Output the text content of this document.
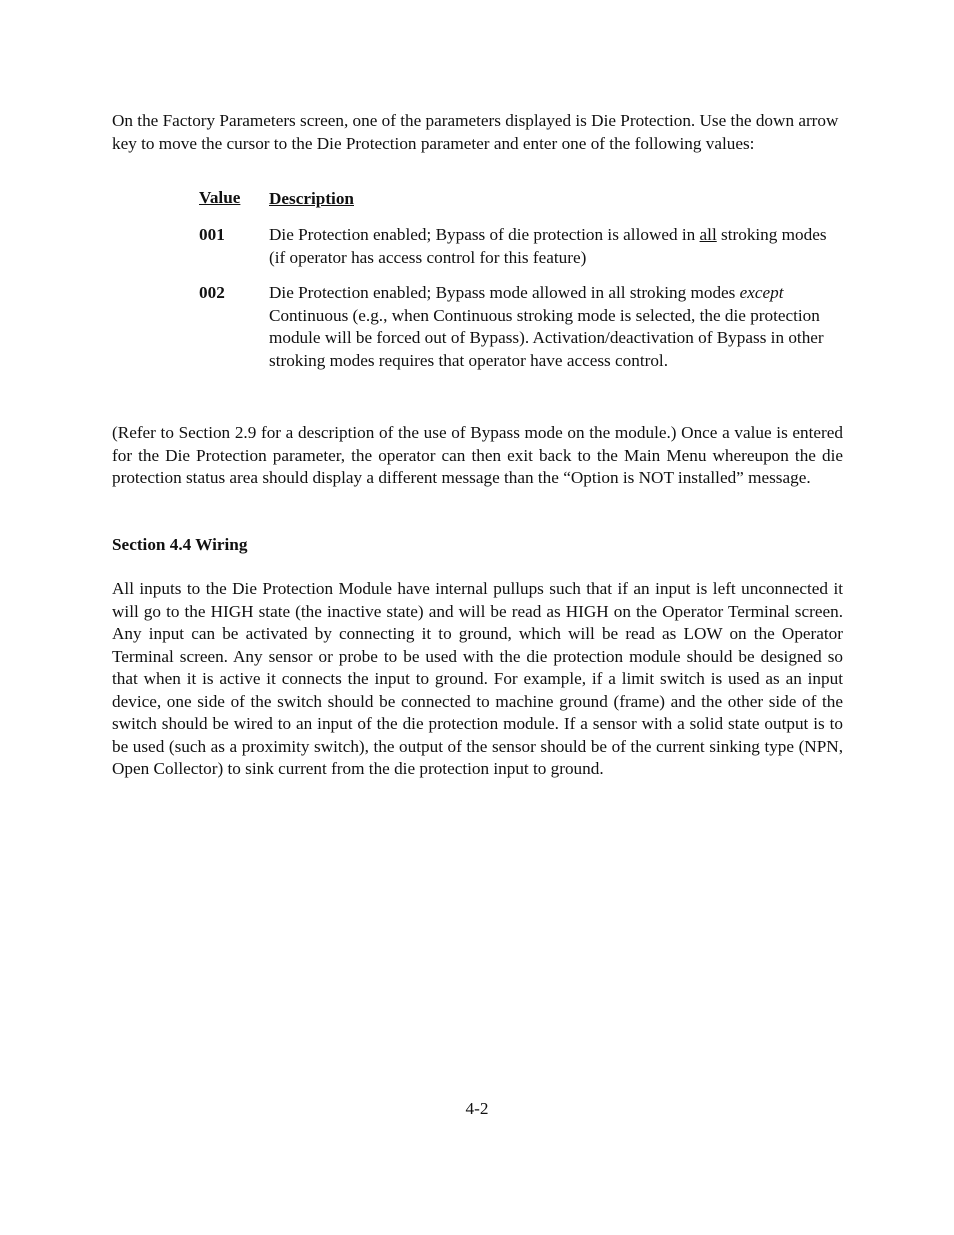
On the Factory Parameters screen, one of the parameters displayed is Die Protection. Use the down arrow key to move the cursor to the Die Protection parameter and enter one of the following values:

Value Description
001	Die Protection enabled; Bypass of die protection is allowed in all stroking modes (if operator has access control for this feature)
002	Die Protection enabled; Bypass mode allowed in all stroking modes except Continuous (e.g., when Continuous stroking mode is selected, the die protection module will be forced out of Bypass). Activation/deactivation of Bypass in other stroking modes requires that operator have access control.

(Refer to Section 2.9 for a description of the use of Bypass mode on the module.) Once a value is entered for the Die Protection parameter, the operator can then exit back to the Main Menu whereupon the die protection status area should display a different message than the “Option is NOT installed” message.

Section 4.4 Wiring

All inputs to the Die Protection Module have internal pullups such that if an input is left unconnected it will go to the HIGH state (the inactive state) and will be read as HIGH on the Operator Terminal screen. Any input can be activated by connecting it to ground, which will be read as LOW on the Operator Terminal screen. Any sensor or probe to be used with the die protection module should be designed so that when it is active it connects the input to ground. For example, if a limit switch is used as an input device, one side of the switch should be connected to machine ground (frame) and the other side of the switch should be wired to an input of the die protection module. If a sensor with a solid state output is to be used (such as a proximity switch), the output of the sensor should be of the current sinking type (NPN, Open Collector) to sink current from the die protection input to ground.

4-2
